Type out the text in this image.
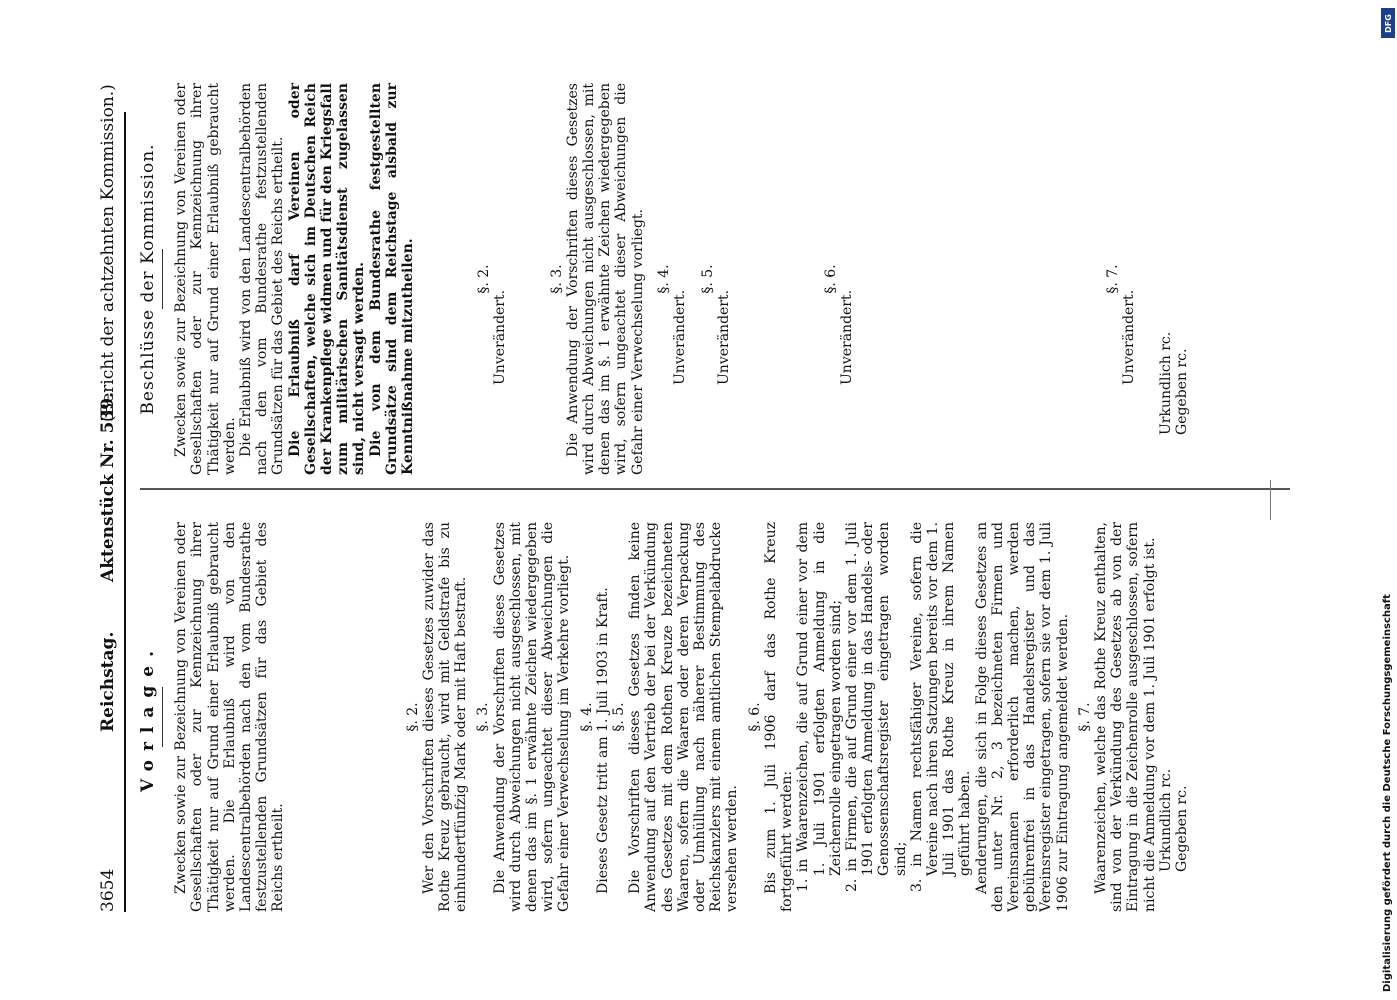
3654
Reichstag.
Aktenstück Nr. 539.
(Bericht der achtzehnten Kommission.)
Vorlage. Zwecken sowie zur Bezeichnung von Vereinen oder Gesellschaften oder zur Kennzeichnung ihrer Thätigkeit nur auf Grund einer Erlaubniß gebraucht werden. Die Erlaubniß wird von den Landescentralbehörden nach den vom Bundesrathe festzustellenden Grundsätzen für das Gebiet des Reichs ertheilt.

§. 2. Wer den Vorschriften dieses Gesetzes zuwider das Rothe Kreuz gebraucht, wird mit Geldstrafe bis zu einhundertfünfzig Mark oder mit Haft bestraft. §. 3. Die Anwendung der Vorschriften dieses Gesetzes wird durch Abweichungen nicht ausgeschlossen, mit denen das im §. 1 erwähnte Zeichen wiedergegeben wird, sofern ungeachtet dieser Abweichungen die Gefahr einer Verwechselung im Verkehre vorliegt. §. 4. Dieses Gesetz tritt am 1. Juli 1903 in Kraft. §. 5. Die Vorschriften dieses Gesetzes finden keine Anwendung auf den Vertrieb der bei der Verkündung des Gesetzes mit dem Rothen Kreuze bezeichneten Waaren, sofern die Waaren oder deren Verpackung oder Umhüllung nach näherer Bestimmung des Reichskanzlers mit einem amtlichen Stempelabdrucke versehen werden.

§. 6. Bis zum 1. Juli 1906 darf das Rothe Kreuz fortgeführt werden: 1. in Waarenzeichen, die auf Grund einer vor dem 1. Juli 1901 erfolgten Anmeldung in die Zeichenrolle eingetragen worden sind; 2. in Firmen, die auf Grund einer vor dem 1. Juli 1901 erfolgten Anmeldung in das Handels- oder Genossenschaftsregister eingetragen worden sind; 3. in Namen rechtsfähiger Vereine, sofern die Vereine nach ihren Satzungen bereits vor dem 1. Juli 1901 das Rothe Kreuz in ihrem Namen geführt haben. Aenderungen, die sich in Folge dieses Gesetzes an den unter Nr. 2, 3 bezeichneten Firmen und Vereinsnamen erforderlich machen, werden gebührenfrei in das Handelsregister und das Vereinsregister eingetragen, sofern sie vor dem 1. Juli 1906 zur Eintragung angemeldet werden. §. 7. Waarenzeichen, welche das Rothe Kreuz enthalten, sind von der Verkündung des Gesetzes ab von der Eintragung in die Zeichenrolle ausgeschlossen, sofern nicht die Anmeldung vor dem 1. Juli 1901 erfolgt ist. Urkundlich rc. Gegeben rc.
Beschlüsse der Kommission. Zwecken sowie zur Bezeichnung von Vereinen oder Gesellschaften oder zur Kennzeichnung ihrer Thätigkeit nur auf Grund einer Erlaubniß gebraucht werden. Die Erlaubniß wird von den Landescentralbehörden nach den vom Bundesrathe festzustellenden Grundsätzen für das Gebiet des Reichs ertheilt. Die Erlaubniß darf Vereinen oder Gesellschaften, welche sich im Deutschen Reich der Krankenpflege widmen und für den Kriegsfall zum militärischen Sanitätsdienst zugelassen sind, nicht versagt werden. Die von dem Bundesrathe festgestellten Grundsätze sind dem Reichstage alsbald zur Kenntnißnahme mitzutheilen.	§. 2.
Unverändert.
§. 3. Die Anwendung der Vorschriften dieses Gesetzes wird durch Abweichungen nicht ausgeschlossen, mit denen das im §. 1 erwähnte Zeichen wiedergegeben wird, sofern ungeachtet dieser Abweichungen die Gefahr einer Verwechselung vorliegt. §. 4.
Unverändert.
§. 5.
Unverändert.
§. 6.
Unverändert.
§. 7.
Unverändert. Urkundlich rc. Gegeben rc.
Digitalisierung gefördert durch die Deutsche Forschungsgemeinschaft
DFG
